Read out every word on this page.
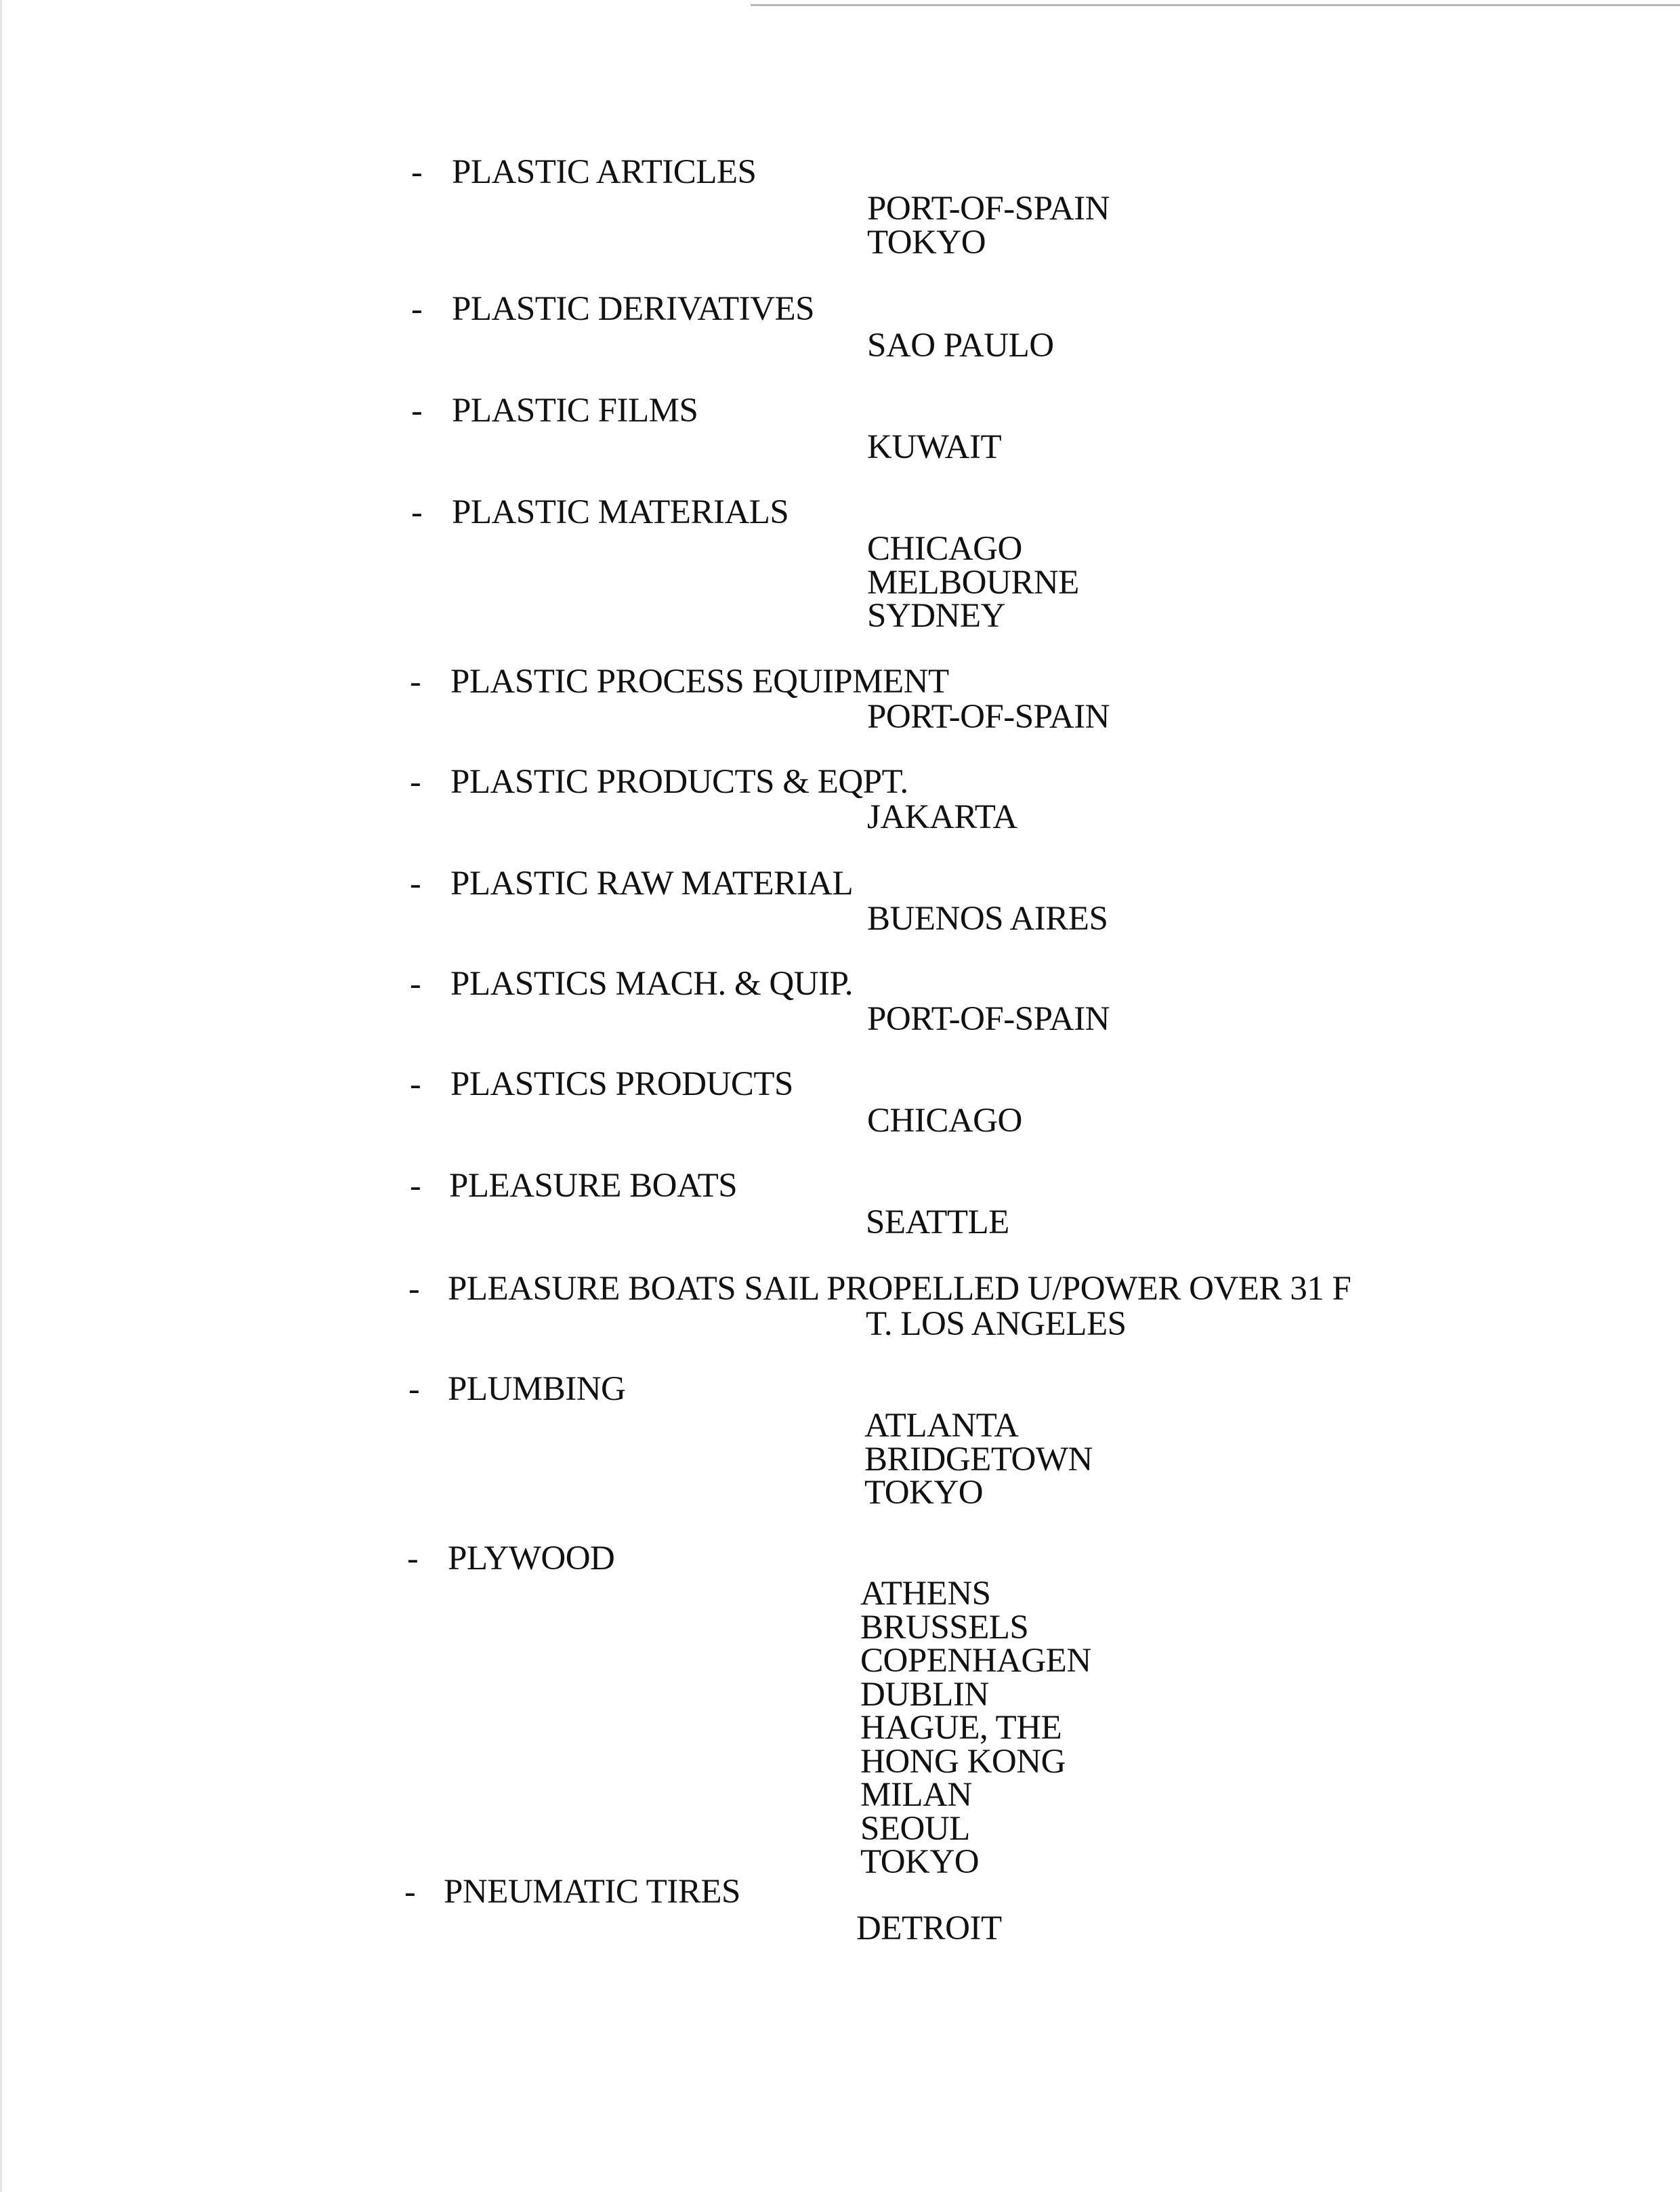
- PLASTIC ARTICLES
PORT-OF-SPAIN
TOKYO
- PLASTIC DERIVATIVES
SAO PAULO
- PLASTIC FILMS
KUWAIT
- PLASTIC MATERIALS
CHICAGO
MELBOURNE
SYDNEY
- PLASTIC PROCESS EQUIPMENT
PORT-OF-SPAIN
- PLASTIC PRODUCTS & EQPT.
JAKARTA
- PLASTIC RAW MATERIAL
BUENOS AIRES
- PLASTICS MACH. & QUIP.
PORT-OF-SPAIN
- PLASTICS PRODUCTS
CHICAGO
- PLEASURE BOATS
SEATTLE
- PLEASURE BOATS SAIL PROPELLED U/POWER OVER 31 F
T. LOS ANGELES
- PLUMBING
ATLANTA
BRIDGETOWN
TOKYO
- PLYWOOD
ATHENS
BRUSSELS
COPENHAGEN
DUBLIN
HAGUE, THE
HONG KONG
MILAN
SEOUL
TOKYO
- PNEUMATIC TIRES
DETROIT
